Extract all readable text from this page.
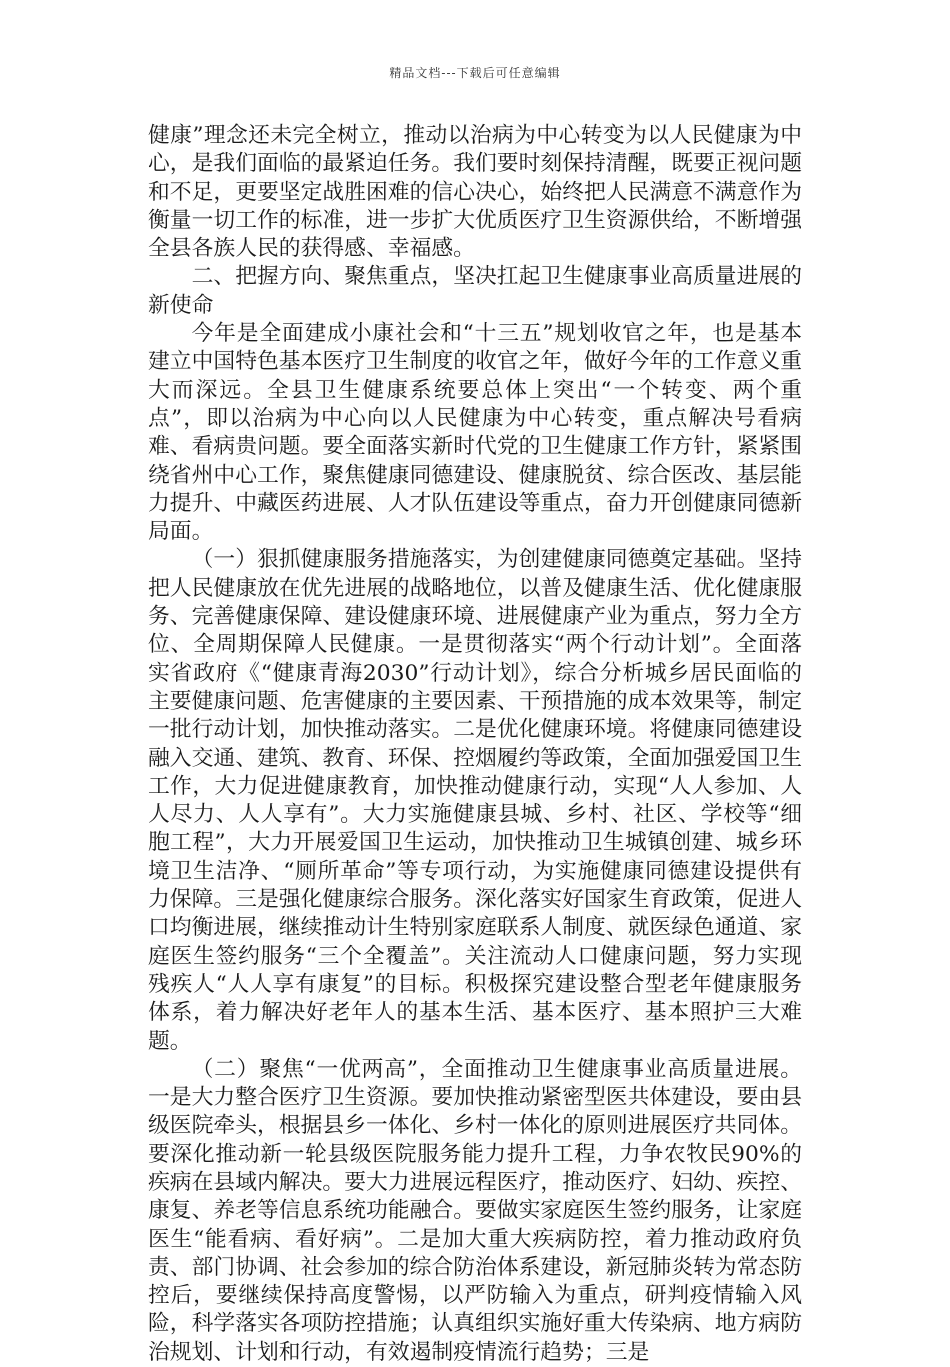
精品文档---下载后可任意编辑

健康”理念还未完全树立，推动以治病为中心转变为以人民健康为中心，是我们面临的最紧迫任务。我们要时刻保持清醒，既要正视问题和不足，更要坚定战胜困难的信心决心，始终把人民满意不满意作为衡量一切工作的标准，进一步扩大优质医疗卫生资源供给，不断增强全县各族人民的获得感、幸福感。

二、把握方向、聚焦重点，坚决扛起卫生健康事业高质量进展的新使命

今年是全面建成小康社会和“十三五”规划收官之年，也是基本建立中国特色基本医疗卫生制度的收官之年，做好今年的工作意义重大而深远。全县卫生健康系统要总体上突出“一个转变、两个重点”，即以治病为中心向以人民健康为中心转变，重点解决号看病难、看病贵问题。要全面落实新时代党的卫生健康工作方针，紧紧围绕省州中心工作，聚焦健康同德建设、健康脱贫、综合医改、基层能力提升、中藏医药进展、人才队伍建设等重点，奋力开创健康同德新局面。

（一）狠抓健康服务措施落实，为创建健康同德奠定基础。坚持把人民健康放在优先进展的战略地位，以普及健康生活、优化健康服务、完善健康保障、建设健康环境、进展健康产业为重点，努力全方位、全周期保障人民健康。一是贯彻落实“两个行动计划”。全面落实省政府《“健康青海2030”行动计划》，综合分析城乡居民面临的主要健康问题、危害健康的主要因素、干预措施的成本效果等，制定一批行动计划，加快推动落实。二是优化健康环境。将健康同德建设融入交通、建筑、教育、环保、控烟履约等政策，全面加强爱国卫生工作，大力促进健康教育，加快推动健康行动，实现“人人参加、人人尽力、人人享有”。大力实施健康县城、乡村、社区、学校等“细胞工程”，大力开展爱国卫生运动，加快推动卫生城镇创建、城乡环境卫生洁净、“厕所革命”等专项行动，为实施健康同德建设提供有力保障。三是强化健康综合服务。深化落实好国家生育政策，促进人口均衡进展，继续推动计生特别家庭联系人制度、就医绿色通道、家庭医生签约服务“三个全覆盖”。关注流动人口健康问题，努力实现残疾人“人人享有康复”的目标。积极探究建设整合型老年健康服务体系，着力解决好老年人的基本生活、基本医疗、基本照护三大难题。

（二）聚焦“一优两高”，全面推动卫生健康事业高质量进展。一是大力整合医疗卫生资源。要加快推动紧密型医共体建设，要由县级医院牵头，根据县乡一体化、乡村一体化的原则进展医疗共同体。要深化推动新一轮县级医院服务能力提升工程，力争农牧民90%的疾病在县域内解决。要大力进展远程医疗，推动医疗、妇幼、疾控、康复、养老等信息系统功能融合。要做实家庭医生签约服务，让家庭医生“能看病、看好病”。二是加大重大疾病防控，着力推动政府负责、部门协调、社会参加的综合防治体系建设，新冠肺炎转为常态防控后，要继续保持高度警惕，以严防输入为重点，研判疫情输入风险，科学落实各项防控措施；认真组织实施好重大传染病、地方病防治规划、计划和行动，有效遏制疫情流行趋势；三是
